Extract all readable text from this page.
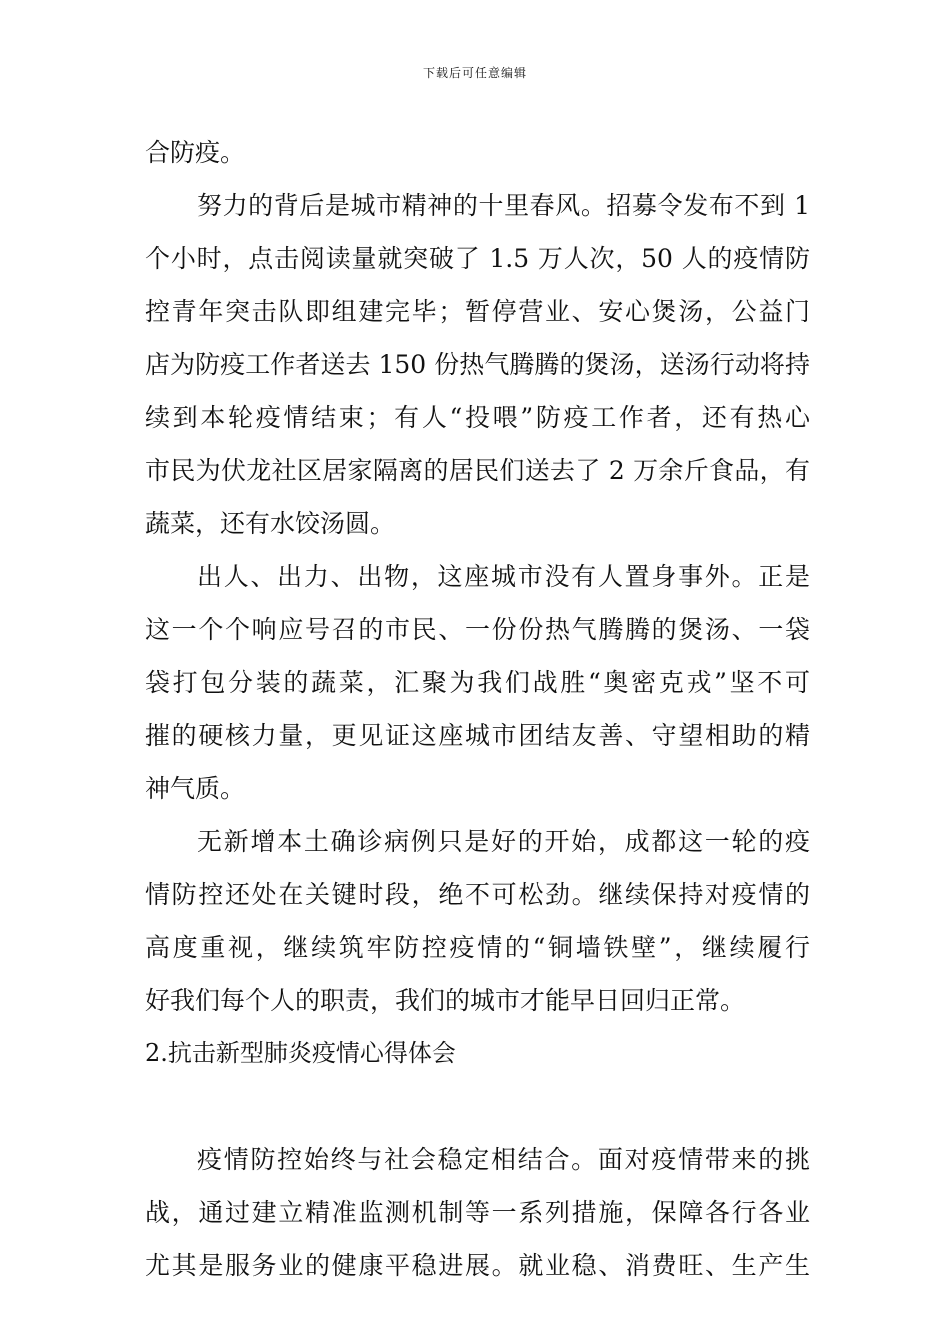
下载后可任意编辑
合防疫。
努力的背后是城市精神的十里春风。招募令发布不到 1
个小时，点击阅读量就突破了 1.5 万人次，50 人的疫情防
控青年突击队即组建完毕；暂停营业、安心煲汤，公益门
店为防疫工作者送去 150 份热气腾腾的煲汤，送汤行动将持
续到本轮疫情结束；有人“投喂”防疫工作者，还有热心
市民为伏龙社区居家隔离的居民们送去了 2 万余斤食品，有
蔬菜，还有水饺汤圆。
出人、出力、出物，这座城市没有人置身事外。正是
这一个个响应号召的市民、一份份热气腾腾的煲汤、一袋
袋打包分装的蔬菜，汇聚为我们战胜“奥密克戎”坚不可
摧的硬核力量，更见证这座城市团结友善、守望相助的精
神气质。
无新增本土确诊病例只是好的开始，成都这一轮的疫
情防控还处在关键时段，绝不可松劲。继续保持对疫情的
高度重视，继续筑牢防控疫情的“铜墙铁壁”，继续履行
好我们每个人的职责，我们的城市才能早日回归正常。
2.抗击新型肺炎疫情心得体会
疫情防控始终与社会稳定相结合。面对疫情带来的挑
战，通过建立精准监测机制等一系列措施，保障各行各业
尤其是服务业的健康平稳进展。就业稳、消费旺、生产生
